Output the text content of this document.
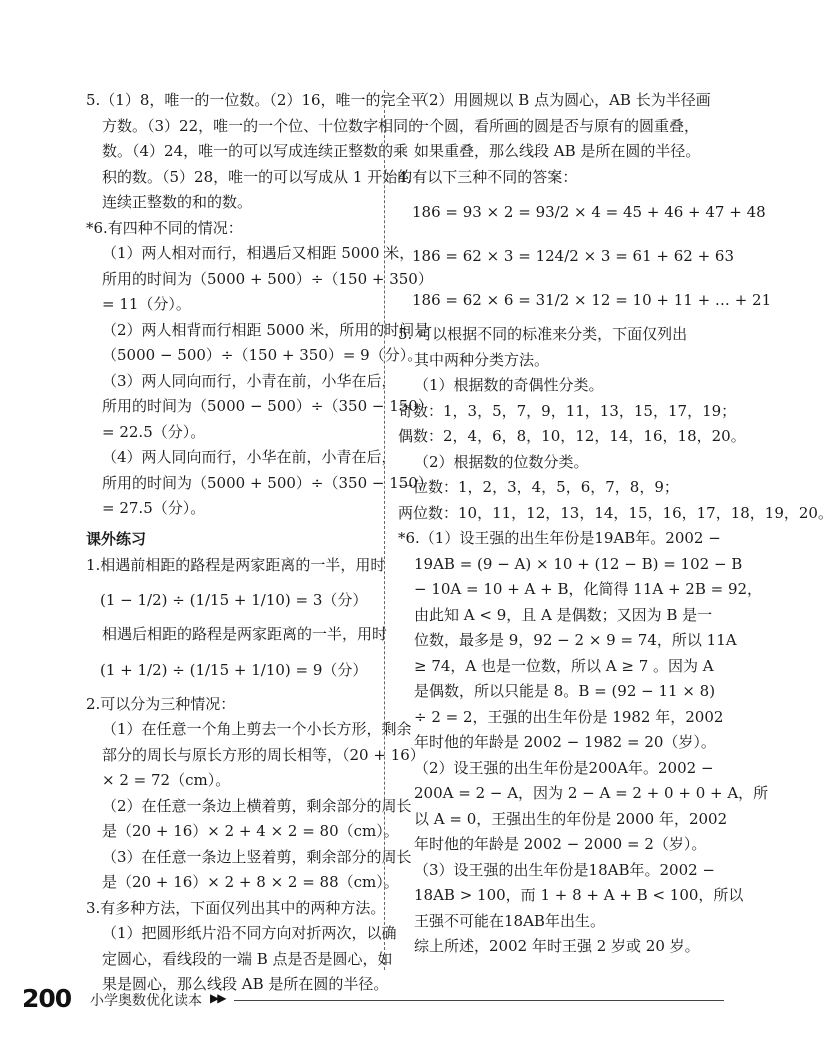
5.（1）8，唯一的一位数。（2）16，唯一的完全平
方数。（3）22，唯一的一个位、十位数字相同的
数。（4）24，唯一的可以写成连续正整数的乘
积的数。（5）28，唯一的可以写成从 1 开始的
连续正整数的和的数。
*6.有四种不同的情况：
（1）两人相对而行，相遇后又相距 5000 米，
所用的时间为（5000 + 500）÷（150 + 350）
= 11（分）。
（2）两人相背而行相距 5000 米，所用的时间是
（5000 − 500）÷（150 + 350）= 9（分）。
（3）两人同向而行，小青在前，小华在后，
所用的时间为（5000 − 500）÷（350 − 150）
= 22.5（分）。
（4）两人同向而行，小华在前，小青在后，
所用的时间为（5000 + 500）÷（350 − 150）
= 27.5（分）。
课外练习
1.相遇前相距的路程是两家距离的一半，用时
(1 − 1/2) ÷ (1/15 + 1/10) = 3（分）
相遇后相距的路程是两家距离的一半，用时
(1 + 1/2) ÷ (1/15 + 1/10) = 9（分）
2.可以分为三种情况：
（1）在任意一个角上剪去一个小长方形，剩余
部分的周长与原长方形的周长相等，（20 + 16）
× 2 = 72（cm）。
（2）在任意一条边上横着剪，剩余部分的周长
是（20 + 16）× 2 + 4 × 2 = 80（cm）。
（3）在任意一条边上竖着剪，剩余部分的周长
是（20 + 16）× 2 + 8 × 2 = 88（cm）。
3.有多种方法，下面仅列出其中的两种方法。
（1）把圆形纸片沿不同方向对折两次，以确
定圆心，看线段的一端 B 点是否是圆心，如
果是圆心，那么线段 AB 是所在圆的半径。
（2）用圆规以 B 点为圆心，AB 长为半径画
一个圆，看所画的圆是否与原有的圆重叠，
如果重叠，那么线段 AB 是所在圆的半径。
4.有以下三种不同的答案：
186 = 93 × 2 = 93/2 × 4 = 45 + 46 + 47 + 48
186 = 62 × 3 = 124/2 × 3 = 61 + 62 + 63
186 = 62 × 6 = 31/2 × 12 = 10 + 11 + … + 21
5. 可以根据不同的标准来分类，下面仅列出
其中两种分类方法。
（1）根据数的奇偶性分类。
奇数：1，3，5，7，9，11，13，15，17，19；
偶数：2，4，6，8，10，12，14，16，18，20。
（2）根据数的位数分类。
一位数：1，2，3，4，5，6，7，8，9；
两位数：10，11，12，13，14，15，16，17，18，19，20。
*6.（1）设王强的出生年份是19AB年。2002 −
19AB = (9 − A) × 10 + (12 − B) = 102 − B
− 10A = 10 + A + B，化简得 11A + 2B = 92，
由此知 A < 9，且 A 是偶数；又因为 B 是一
位数，最多是 9，92 − 2 × 9 = 74，所以 11A
≥ 74，A 也是一位数，所以 A ≥ 7 。因为 A
是偶数，所以只能是 8。B = (92 − 11 × 8)
÷ 2 = 2，王强的出生年份是 1982 年，2002
年时他的年龄是 2002 − 1982 = 20（岁）。
（2）设王强的出生年份是200A年。2002 −
200A = 2 − A，因为 2 − A = 2 + 0 + 0 + A，所
以 A = 0，王强出生的年份是 2000 年，2002
年时他的年龄是 2002 − 2000 = 2（岁）。
（3）设王强的出生年份是18AB年。2002 −
18AB > 100，而 1 + 8 + A + B < 100，所以
王强不可能在18AB年出生。
综上所述，2002 年时王强 2 岁或 20 岁。
200 小学奥数优化读本 ▶▶
